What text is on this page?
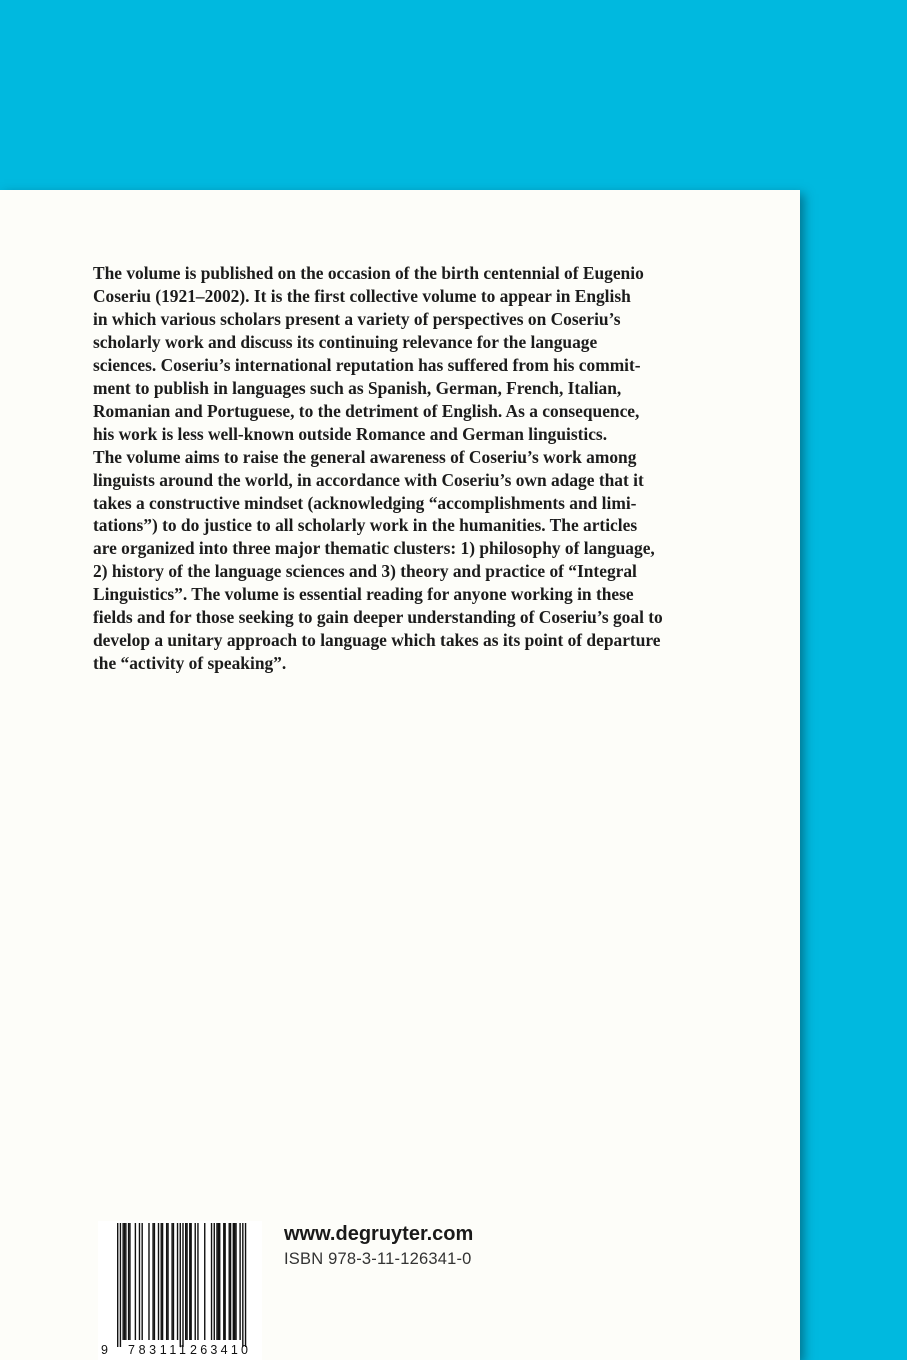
The volume is published on the occasion of the birth centennial of Eugenio
Coseriu (1921–2002). It is the first collective volume to appear in English
in which various scholars present a variety of perspectives on Coseriu’s
scholarly work and discuss its continuing relevance for the language
sciences. Coseriu’s international reputation has suffered from his commit-
ment to publish in languages such as Spanish, German, French, Italian,
Romanian and Portuguese, to the detriment of English. As a consequence,
his work is less well-known outside Romance and German linguistics.
The volume aims to raise the general awareness of Coseriu’s work among
linguists around the world, in accordance with Coseriu’s own adage that it
takes a constructive mindset (acknowledging “accomplishments and limi-
tations”) to do justice to all scholarly work in the humanities. The articles
are organized into three major thematic clusters: 1) philosophy of language,
2) history of the language sciences and 3) theory and practice of “Integral
Linguistics”. The volume is essential reading for anyone working in these
fields and for those seeking to gain deeper understanding of Coseriu’s goal to
develop a unitary approach to language which takes as its point of departure
the “activity of speaking”.

9 783111 263410
www.degruyter.com
ISBN 978-3-11-126341-0
